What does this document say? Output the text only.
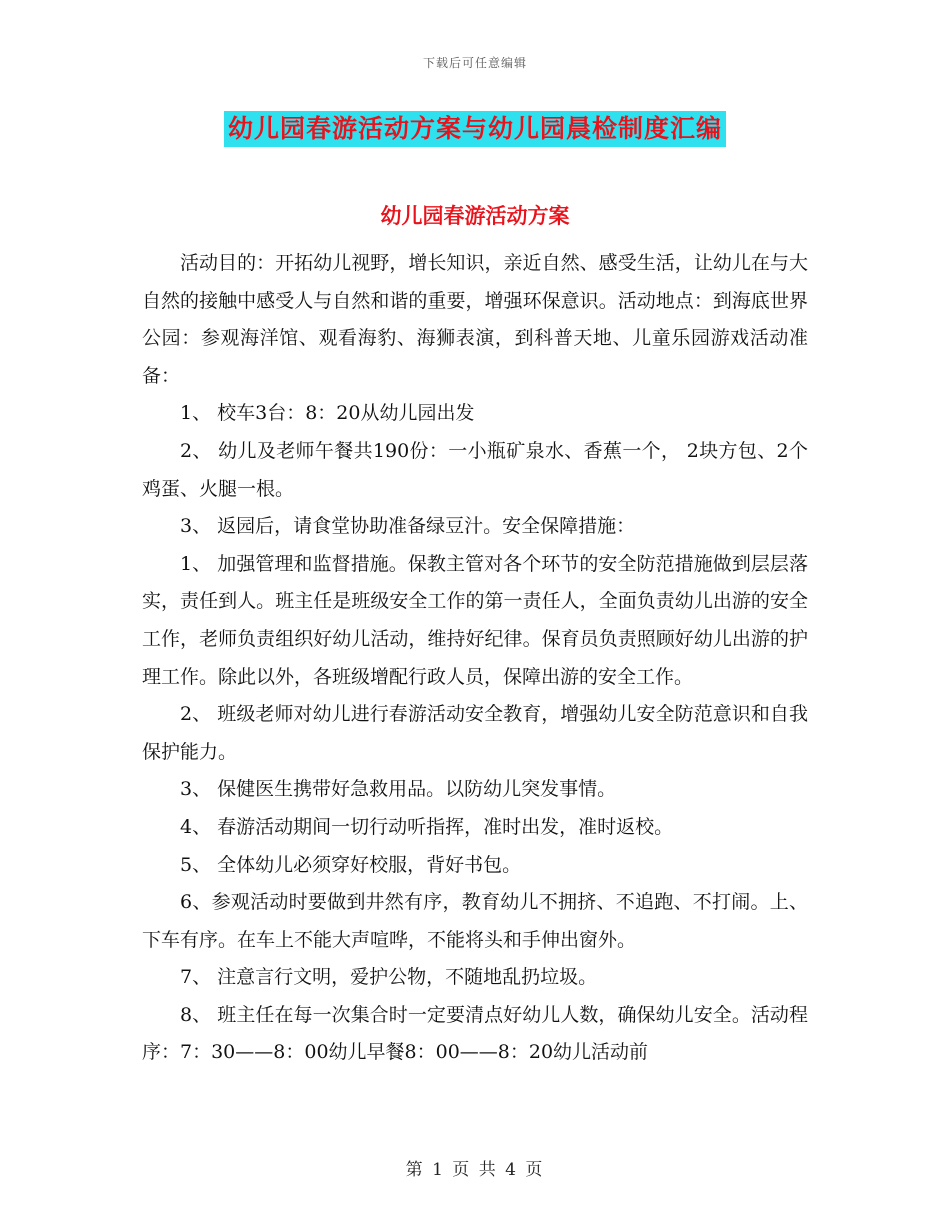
下载后可任意编辑
幼儿园春游活动方案与幼儿园晨检制度汇编
幼儿园春游活动方案

活动目的：开拓幼儿视野，增长知识，亲近自然、感受生活，让幼儿在与大自然的接触中感受人与自然和谐的重要，增强环保意识。活动地点：到海底世界公园：参观海洋馆、观看海豹、海狮表演，到科普天地、儿童乐园游戏活动准备：

1、 校车3台：8：20从幼儿园出发

2、 幼儿及老师午餐共190份：一小瓶矿泉水、香蕉一个， 2块方包、2个鸡蛋、火腿一根。

3、 返园后，请食堂协助准备绿豆汁。安全保障措施：

1、 加强管理和监督措施。保教主管对各个环节的安全防范措施做到层层落实，责任到人。班主任是班级安全工作的第一责任人，全面负责幼儿出游的安全工作，老师负责组织好幼儿活动，维持好纪律。保育员负责照顾好幼儿出游的护理工作。除此以外，各班级增配行政人员，保障出游的安全工作。

2、 班级老师对幼儿进行春游活动安全教育，增强幼儿安全防范意识和自我保护能力。

3、 保健医生携带好急救用品。以防幼儿突发事情。

4、 春游活动期间一切行动听指挥，准时出发，准时返校。

5、 全体幼儿必须穿好校服，背好书包。

6、参观活动时要做到井然有序，教育幼儿不拥挤、不追跑、不打闹。上、下车有序。在车上不能大声喧哗，不能将头和手伸出窗外。

7、 注意言行文明，爱护公物，不随地乱扔垃圾。

8、 班主任在每一次集合时一定要清点好幼儿人数，确保幼儿安全。活动程序：7：30——8：00幼儿早餐8：00——8：20幼儿活动前

第 1 页 共 4 页
